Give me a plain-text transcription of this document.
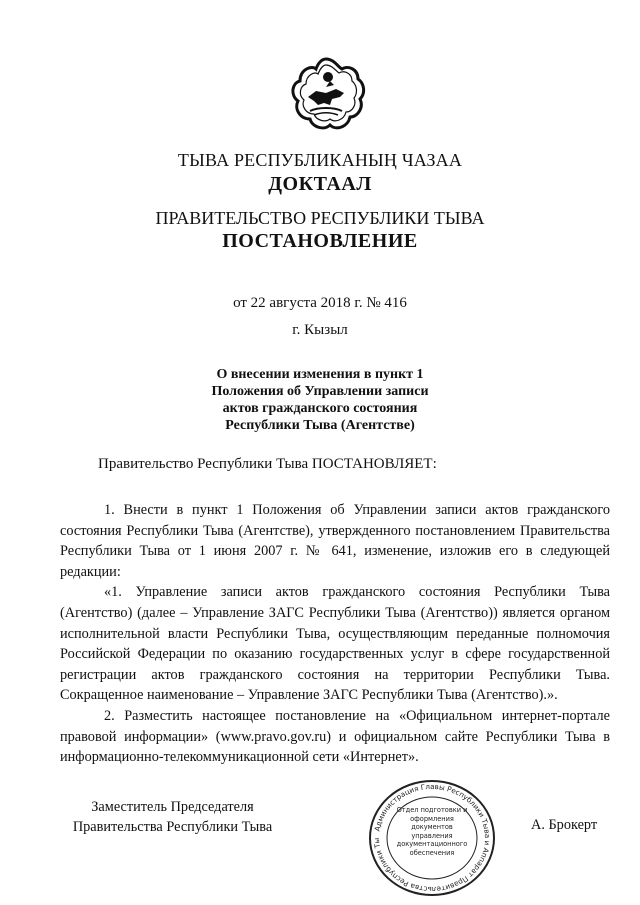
ТЫВА РЕСПУБЛИКАНЫҢ ЧАЗАА
ДОКТААЛ
ПРАВИТЕЛЬСТВО РЕСПУБЛИКИ ТЫВА
ПОСТАНОВЛЕНИЕ
от 22 августа 2018 г. № 416
г. Кызыл
О внесении изменения в пункт 1
Положения об Управлении записи
актов гражданского состояния
Республики Тыва (Агентстве)
Правительство Республики Тыва ПОСТАНОВЛЯЕТ:

1. Внести в пункт 1 Положения об Управлении записи актов гражданского состояния Республики Тыва (Агентстве), утвержденного постановлением Правительства Республики Тыва от 1 июня 2007 г. № 641, изменение, изложив его в следующей редакции:

«1. Управление записи актов гражданского состояния Республики Тыва (Агентство) (далее – Управление ЗАГС Республики Тыва (Агентство)) является органом исполнительной власти Республики Тыва, осуществляющим переданные полномочия Российской Федерации по оказанию государственных услуг в сфере государственной регистрации актов гражданского состояния на территории Республики Тыва. Сокращенное наименование – Управление ЗАГС Республики Тыва (Агентство).».

2. Разместить настоящее постановление на «Официальном интернет-портале правовой информации» (www.pravo.gov.ru) и официальном сайте Республики Тыва в информационно-телекоммуникационной сети «Интернет».

Заместитель Председателя
Правительства Республики Тыва	А. Брокерт
Администрация Главы Республики Тыва и Аппарат Правительства Республики Ты
Отдел подготовки и оформления документов управления документационного обеспечения
